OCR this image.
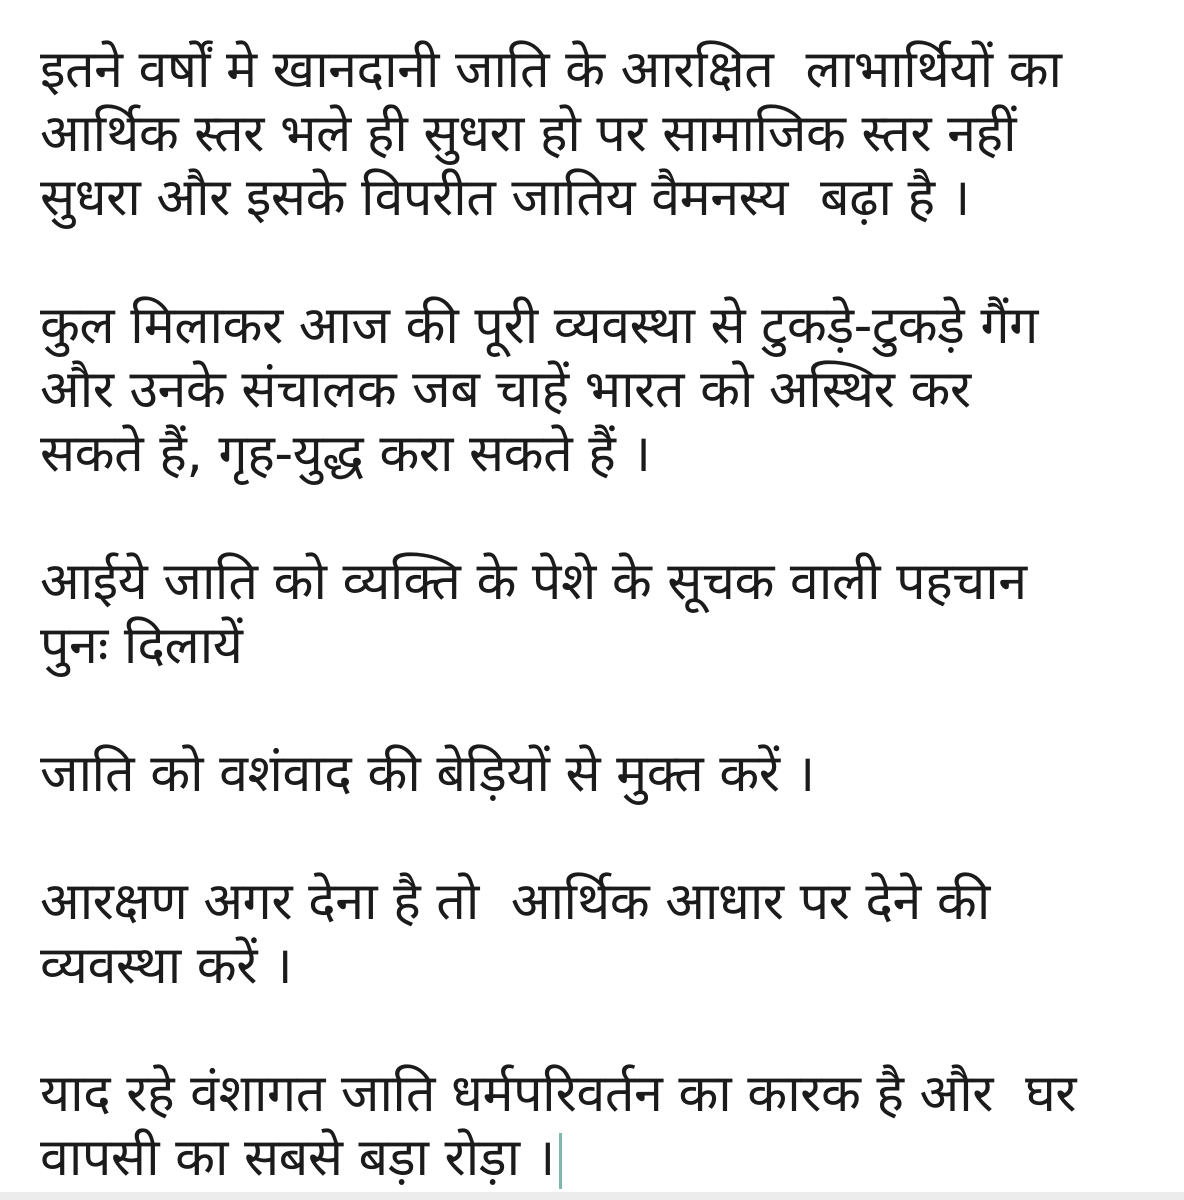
इतने वर्षों मे खानदानी जाति के आरक्षित  लाभार्थियों का
आर्थिक स्तर भले ही सुधरा हो पर सामाजिक स्तर नहीं
सुधरा और इसके विपरीत जातिय वैमनस्य  बढ़ा है ।
कुल मिलाकर आज की पूरी व्यवस्था से टुकड़े-टुकड़े गैंग
और उनके संचालक जब चाहें भारत को अस्थिर कर
सकते हैं, गृह-युद्ध करा सकते हैं ।
आईये जाति को व्यक्ति के पेशे के सूचक वाली पहचान
पुनः दिलायें
जाति को वशंवाद की बेड़ियों से मुक्त करें ।
आरक्षण अगर देना है तो  आर्थिक आधार पर देने की
व्यवस्था करें ।
याद रहे वंशागत जाति धर्मपरिवर्तन का कारक है और  घर
वापसी का सबसे बड़ा रोड़ा ।
